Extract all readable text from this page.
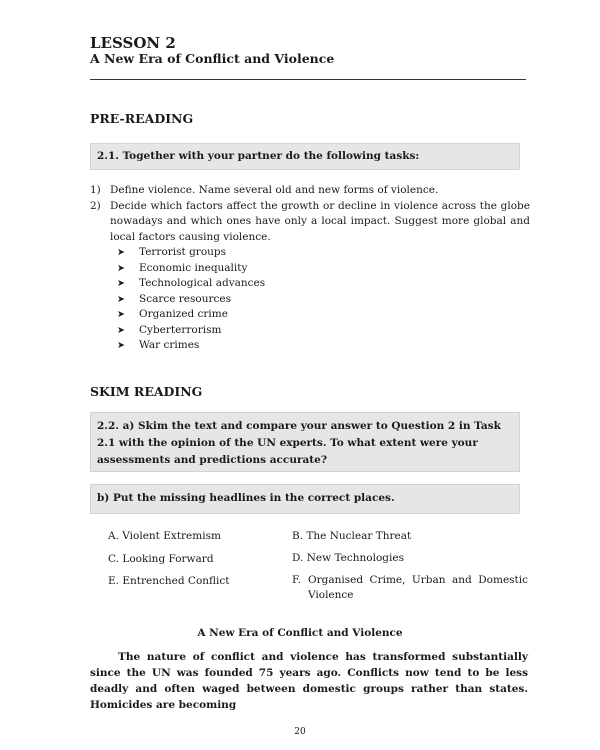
LESSON 2
A New Era of Conflict and Violence
PRE-READING
2.1. Together with your partner do the following tasks:
1) Define violence. Name several old and new forms of violence.
2) Decide which factors affect the growth or decline in violence across the globe nowadays and which ones have only a local impact. Suggest more global and local factors causing violence.
➤	Terrorist groups
➤	Economic inequality
➤	Technological advances
➤	Scarce resources
➤	Organized crime
➤	Cyberterrorism
➤	War crimes
SKIM READING
2.2. a) Skim the text and compare your answer to Question 2 in Task 2.1 with the opinion of the UN experts. To what extent were your assessments and predictions accurate?
b) Put the missing headlines in the correct places.
A. Violent Extremism	B. The Nuclear Threat
C. Looking Forward	D. New Technologies
E. Entrenched Conflict	F. Organised Crime, Urban and Domestic Violence
A New Era of Conflict and Violence
The nature of conflict and violence has transformed substantially since the UN was founded 75 years ago. Conflicts now tend to be less deadly and often waged between domestic groups rather than states. Homicides are becoming
20
